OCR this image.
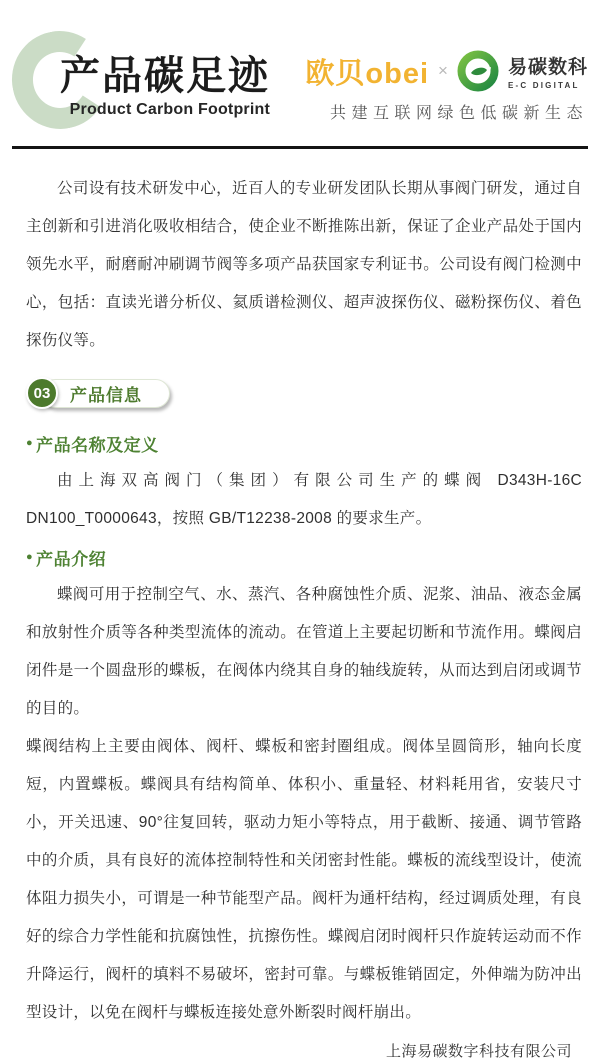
产品碳足迹
Product Carbon Footprint
欧贝obei ×	易碳数科
E-C DIGITAL
共建互联网绿色低碳新生态

公司设有技术研发中心，近百人的专业研发团队长期从事阀门研发，通过自主创新和引进消化吸收相结合，使企业不断推陈出新，保证了企业产品处于国内领先水平，耐磨耐冲刷调节阀等多项产品获国家专利证书。公司设有阀门检测中心，包括：直读光谱分析仪、氦质谱检测仪、超声波探伤仪、磁粉探伤仪、着色探伤仪等。

03	产品信息
● 产品名称及定义

由上海双高阀门（集团）有限公司生产的蝶阀 D343H-16C DN100_T0000643，按照 GB/T12238-2008 的要求生产。

● 产品介绍

蝶阀可用于控制空气、水、蒸汽、各种腐蚀性介质、泥浆、油品、液态金属和放射性介质等各种类型流体的流动。在管道上主要起切断和节流作用。蝶阀启闭件是一个圆盘形的蝶板，在阀体内绕其自身的轴线旋转，从而达到启闭或调节的目的。

蝶阀结构上主要由阀体、阀杆、蝶板和密封圈组成。阀体呈圆筒形，轴向长度短，内置蝶板。蝶阀具有结构简单、体积小、重量轻、材料耗用省，安装尺寸小，开关迅速、90°往复回转，驱动力矩小等特点，用于截断、接通、调节管路中的介质，具有良好的流体控制特性和关闭密封性能。蝶板的流线型设计，使流体阻力损失小，可谓是一种节能型产品。阀杆为通杆结构，经过调质处理，有良好的综合力学性能和抗腐蚀性，抗擦伤性。蝶阀启闭时阀杆只作旋转运动而不作升降运行，阀杆的填料不易破坏，密封可靠。与蝶板锥销固定，外伸端为防冲出型设计，以免在阀杆与蝶板连接处意外断裂时阀杆崩出。

上海易碳数字科技有限公司
